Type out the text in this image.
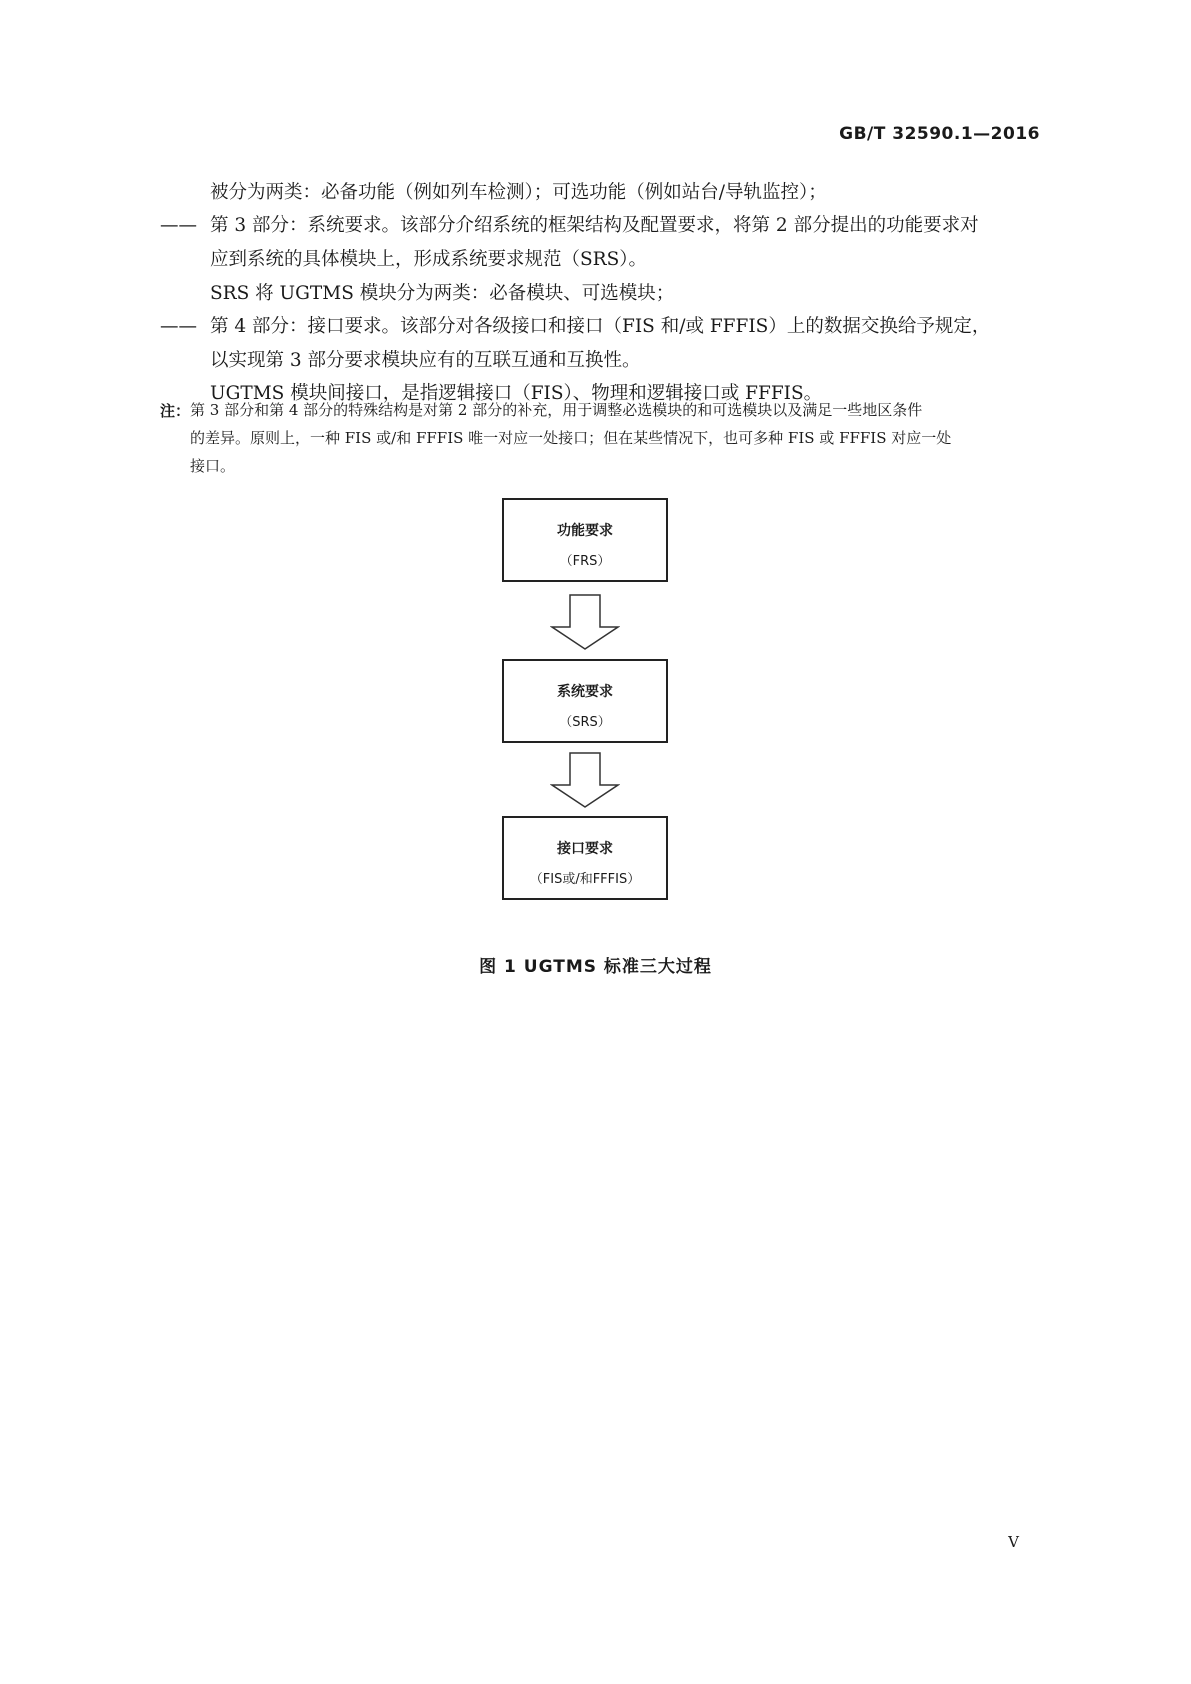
GB/T 32590.1—2016
被分为两类：必备功能（例如列车检测）；可选功能（例如站台/导轨监控）；
—— 第 3 部分：系统要求。该部分介绍系统的框架结构及配置要求，将第 2 部分提出的功能要求对
应到系统的具体模块上，形成系统要求规范（SRS）。
SRS 将 UGTMS 模块分为两类：必备模块、可选模块；
—— 第 4 部分：接口要求。该部分对各级接口和接口（FIS 和/或 FFFIS）上的数据交换给予规定，
以实现第 3 部分要求模块应有的互联互通和互换性。
UGTMS 模块间接口，是指逻辑接口（FIS）、物理和逻辑接口或 FFFIS。
注： 第 3 部分和第 4 部分的特殊结构是对第 2 部分的补充，用于调整必选模块的和可选模块以及满足一些地区条件
的差异。原则上，一种 FIS 或/和 FFFIS 唯一对应一处接口；但在某些情况下，也可多种 FIS 或 FFFIS 对应一处
接口。
功能要求
（FRS）
系统要求
（SRS）
接口要求
（FIS或/和FFFIS）
图 1 UGTMS 标准三大过程
V
